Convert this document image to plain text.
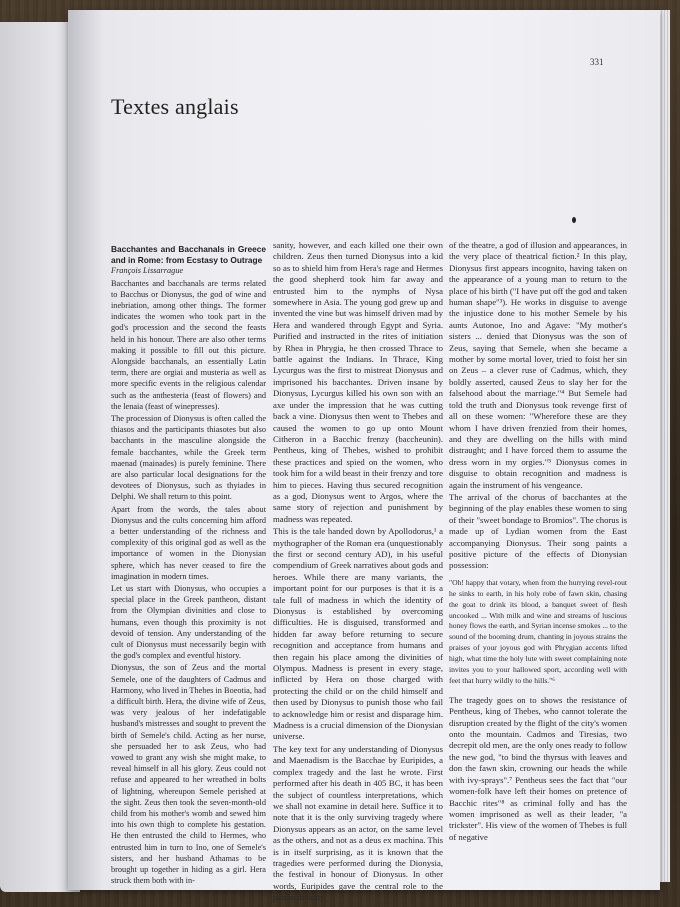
331
Textes anglais

Bacchantes and Bacchanals in Greece and in Rome: from Ecstasy to Outrage

François Lissarrague

Bacchantes and bacchanals are terms related to Bacchus or Dionysus, the god of wine and inebriation, among other things. The former indicates the women who took part in the god's procession and the second the feasts held in his honour. There are also other terms making it possible to fill out this picture. Alongside bacchanals, an essentially Latin term, there are orgiai and musteria as well as more specific events in the religious calendar such as the anthesteria (feast of flowers) and the lenaia (feast of winepresses).

The procession of Dionysus is often called the thiasos and the participants thiasotes but also bacchants in the masculine alongside the female bacchantes, while the Greek term maenad (mainades) is purely feminine. There are also particular local designations for the devotees of Dionysus, such as thyiades in Delphi. We shall return to this point.

Apart from the words, the tales about Dionysus and the cults concerning him afford a better understanding of the richness and complexity of this original god as well as the importance of women in the Dionysian sphere, which has never ceased to fire the imagination in modern times.

Let us start with Dionysus, who occupies a special place in the Greek pantheon, distant from the Olympian divinities and close to humans, even though this proximity is not devoid of tension. Any understanding of the cult of Dionysus must necessarily begin with the god's complex and eventful history.

Dionysus, the son of Zeus and the mortal Semele, one of the daughters of Cadmus and Harmony, who lived in Thebes in Boeotia, had a difficult birth. Hera, the divine wife of Zeus, was very jealous of her indefatigable husband's mistresses and sought to prevent the birth of Semele's child. Acting as her nurse, she persuaded her to ask Zeus, who had vowed to grant any wish she might make, to reveal himself in all his glory. Zeus could not refuse and appeared to her wreathed in bolts of lightning, whereupon Semele perished at the sight. Zeus then took the seven-month-old child from his mother's womb and sewed him into his own thigh to complete his gestation. He then entrusted the child to Hermes, who entrusted him in turn to Ino, one of Semele's sisters, and her husband Athamas to be brought up together in hiding as a girl. Hera struck them both with in-

sanity, however, and each killed one their own children. Zeus then turned Dionysus into a kid so as to shield him from Hera's rage and Hermes the good shepherd took him far away and entrusted him to the nymphs of Nysa somewhere in Asia. The young god grew up and invented the vine but was himself driven mad by Hera and wandered through Egypt and Syria. Purified and instructed in the rites of initiation by Rhea in Phrygia, he then crossed Thrace to battle against the Indians. In Thrace, King Lycurgus was the first to mistreat Dionysus and imprisoned his bacchantes. Driven insane by Dionysus, Lycurgus killed his own son with an axe under the impression that he was cutting back a vine. Dionysus then went to Thebes and caused the women to go up onto Mount Citheron in a Bacchic frenzy (baccheunin). Pentheus, king of Thebes, wished to prohibit these practices and spied on the women, who took him for a wild beast in their frenzy and tore him to pieces. Having thus secured recognition as a god, Dionysus went to Argos, where the same story of rejection and punishment by madness was repeated.

This is the tale handed down by Apollodorus,¹ a mythographer of the Roman era (unquestionably the first or second century AD), in his useful compendium of Greek narratives about gods and heroes. While there are many variants, the important point for our purposes is that it is a tale full of madness in which the identity of Dionysus is established by overcoming difficulties. He is disguised, transformed and hidden far away before returning to secure recognition and acceptance from humans and then regain his place among the divinities of Olympus. Madness is present in every stage, inflicted by Hera on those charged with protecting the child or on the child himself and then used by Dionysus to punish those who fail to acknowledge him or resist and disparage him. Madness is a crucial dimension of the Dionysian universe.

The key text for any understanding of Dionysus and Maenadism is the Bacchae by Euripides, a complex tragedy and the last he wrote. First performed after his death in 405 BC, it has been the subject of countless interpretations, which we shall not examine in detail here. Suffice it to note that it is the only surviving tragedy where Dionysus appears as an actor, on the same level as the others, and not as a deus ex machina. This is in itself surprising, as it is known that the tragedies were performed during the Dionysia, the festival in honour of Dionysus. In other words, Euripides gave the central role to the patron divinity

of the theatre, a god of illusion and appearances, in the very place of theatrical fiction.² In this play, Dionysus first appears incognito, having taken on the appearance of a young man to return to the place of his birth ("I have put off the god and taken human shape"³). He works in disguise to avenge the injustice done to his mother Semele by his aunts Autonoe, Ino and Agave: "My mother's sisters ... denied that Dionysus was the son of Zeus, saying that Semele, when she became a mother by some mortal lover, tried to foist her sin on Zeus – a clever ruse of Cadmus, which, they boldly asserted, caused Zeus to slay her for the falsehood about the marriage."⁴ But Semele had told the truth and Dionysus took revenge first of all on these women: "Wherefore these are they whom I have driven frenzied from their homes, and they are dwelling on the hills with mind distraught; and I have forced them to assume the dress worn in my orgies."⁵ Dionysus comes in disguise to obtain recognition and madness is again the instrument of his vengeance.

The arrival of the chorus of bacchantes at the beginning of the play enables these women to sing of their "sweet bondage to Bromios". The chorus is made up of Lydian women from the East accompanying Dionysus. Their song paints a positive picture of the effects of Dionysian possession:

"Oh! happy that votary, when from the hurrying revel-rout he sinks to earth, in his holy robe of fawn skin, chasing the goat to drink its blood, a banquet sweet of flesh uncooked ... With milk and wine and streams of luscious honey flows the earth, and Syrian incense smokes ... to the sound of the booming drum, chanting in joyous strains the praises of your joyous god with Phrygian accents lifted high, what time the holy lute with sweet complaining note invites you to your hallowed sport, according well with feet that hurry wildly to the hills."⁶

The tragedy goes on to shows the resistance of Pentheus, king of Thebes, who cannot tolerate the disruption created by the flight of the city's women onto the mountain. Cadmos and Tiresias, two decrepit old men, are the only ones ready to follow the new god, "to bind the thyrsus with leaves and don the fawn skin, crowning our heads the while with ivy-sprays".⁷ Pentheus sees the fact that "our women-folk have left their homes on pretence of Bacchic rites"⁸ as criminal folly and has the women imprisoned as well as their leader, "a trickster". His view of the women of Thebes is full of negative
